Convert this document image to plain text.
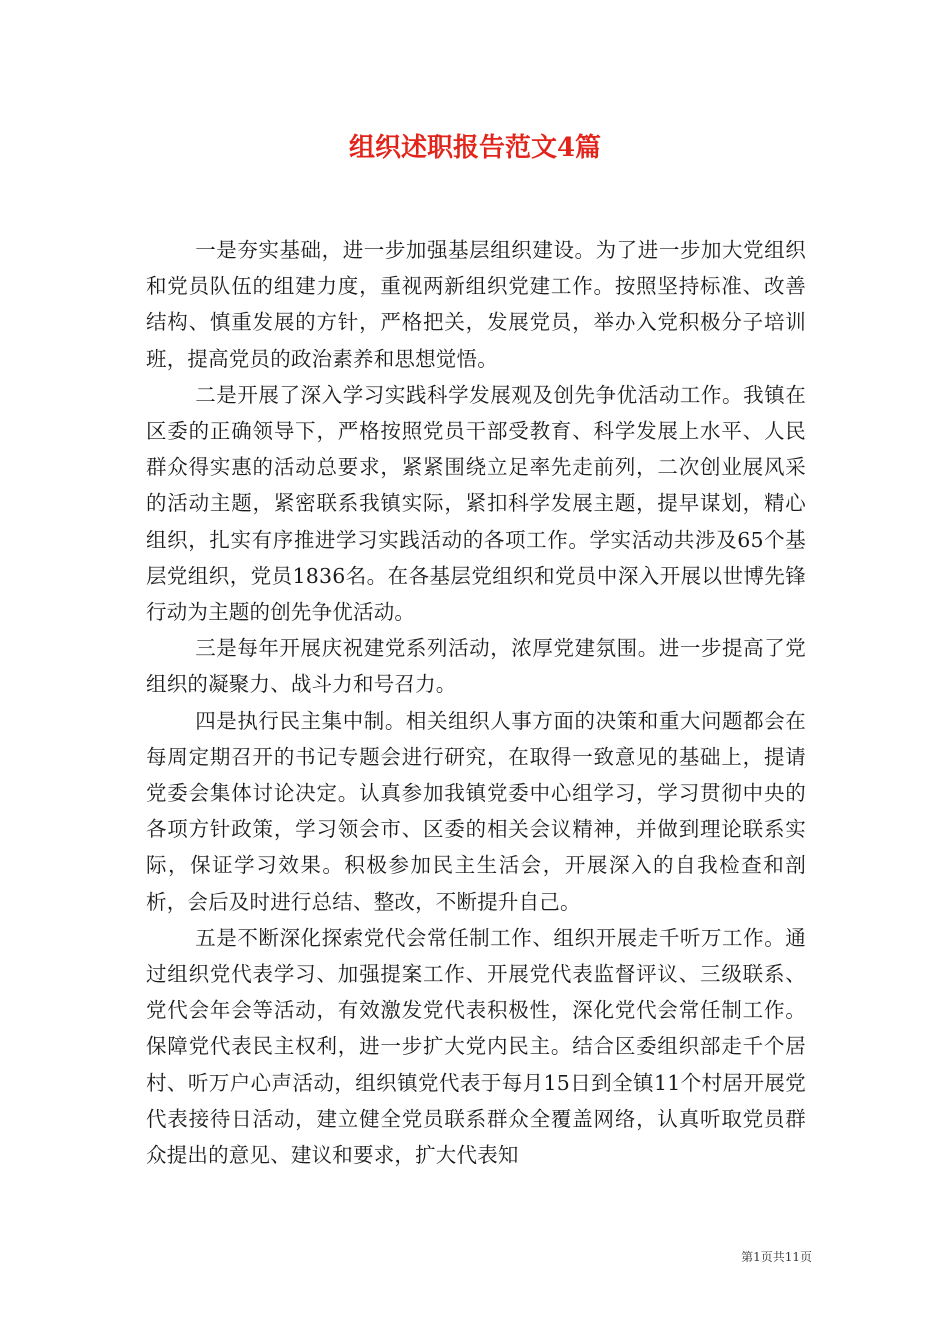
组织述职报告范文4篇

一是夯实基础，进一步加强基层组织建设。为了进一步加大党组织和党员队伍的组建力度，重视两新组织党建工作。按照坚持标准、改善结构、慎重发展的方针，严格把关，发展党员，举办入党积极分子培训班，提高党员的政治素养和思想觉悟。

二是开展了深入学习实践科学发展观及创先争优活动工作。我镇在区委的正确领导下，严格按照党员干部受教育、科学发展上水平、人民群众得实惠的活动总要求，紧紧围绕立足率先走前列，二次创业展风采的活动主题，紧密联系我镇实际，紧扣科学发展主题，提早谋划，精心组织，扎实有序推进学习实践活动的各项工作。学实活动共涉及65个基层党组织，党员1836名。在各基层党组织和党员中深入开展以世博先锋行动为主题的创先争优活动。

三是每年开展庆祝建党系列活动，浓厚党建氛围。进一步提高了党组织的凝聚力、战斗力和号召力。

四是执行民主集中制。相关组织人事方面的决策和重大问题都会在每周定期召开的书记专题会进行研究，在取得一致意见的基础上，提请党委会集体讨论决定。认真参加我镇党委中心组学习，学习贯彻中央的各项方针政策，学习领会市、区委的相关会议精神，并做到理论联系实际，保证学习效果。积极参加民主生活会，开展深入的自我检查和剖析，会后及时进行总结、整改，不断提升自己。

五是不断深化探索党代会常任制工作、组织开展走千听万工作。通过组织党代表学习、加强提案工作、开展党代表监督评议、三级联系、党代会年会等活动，有效激发党代表积极性，深化党代会常任制工作。保障党代表民主权利，进一步扩大党内民主。结合区委组织部走千个居村、听万户心声活动，组织镇党代表于每月15日到全镇11个村居开展党代表接待日活动，建立健全党员联系群众全覆盖网络，认真听取党员群众提出的意见、建议和要求，扩大代表知

第1页共11页
